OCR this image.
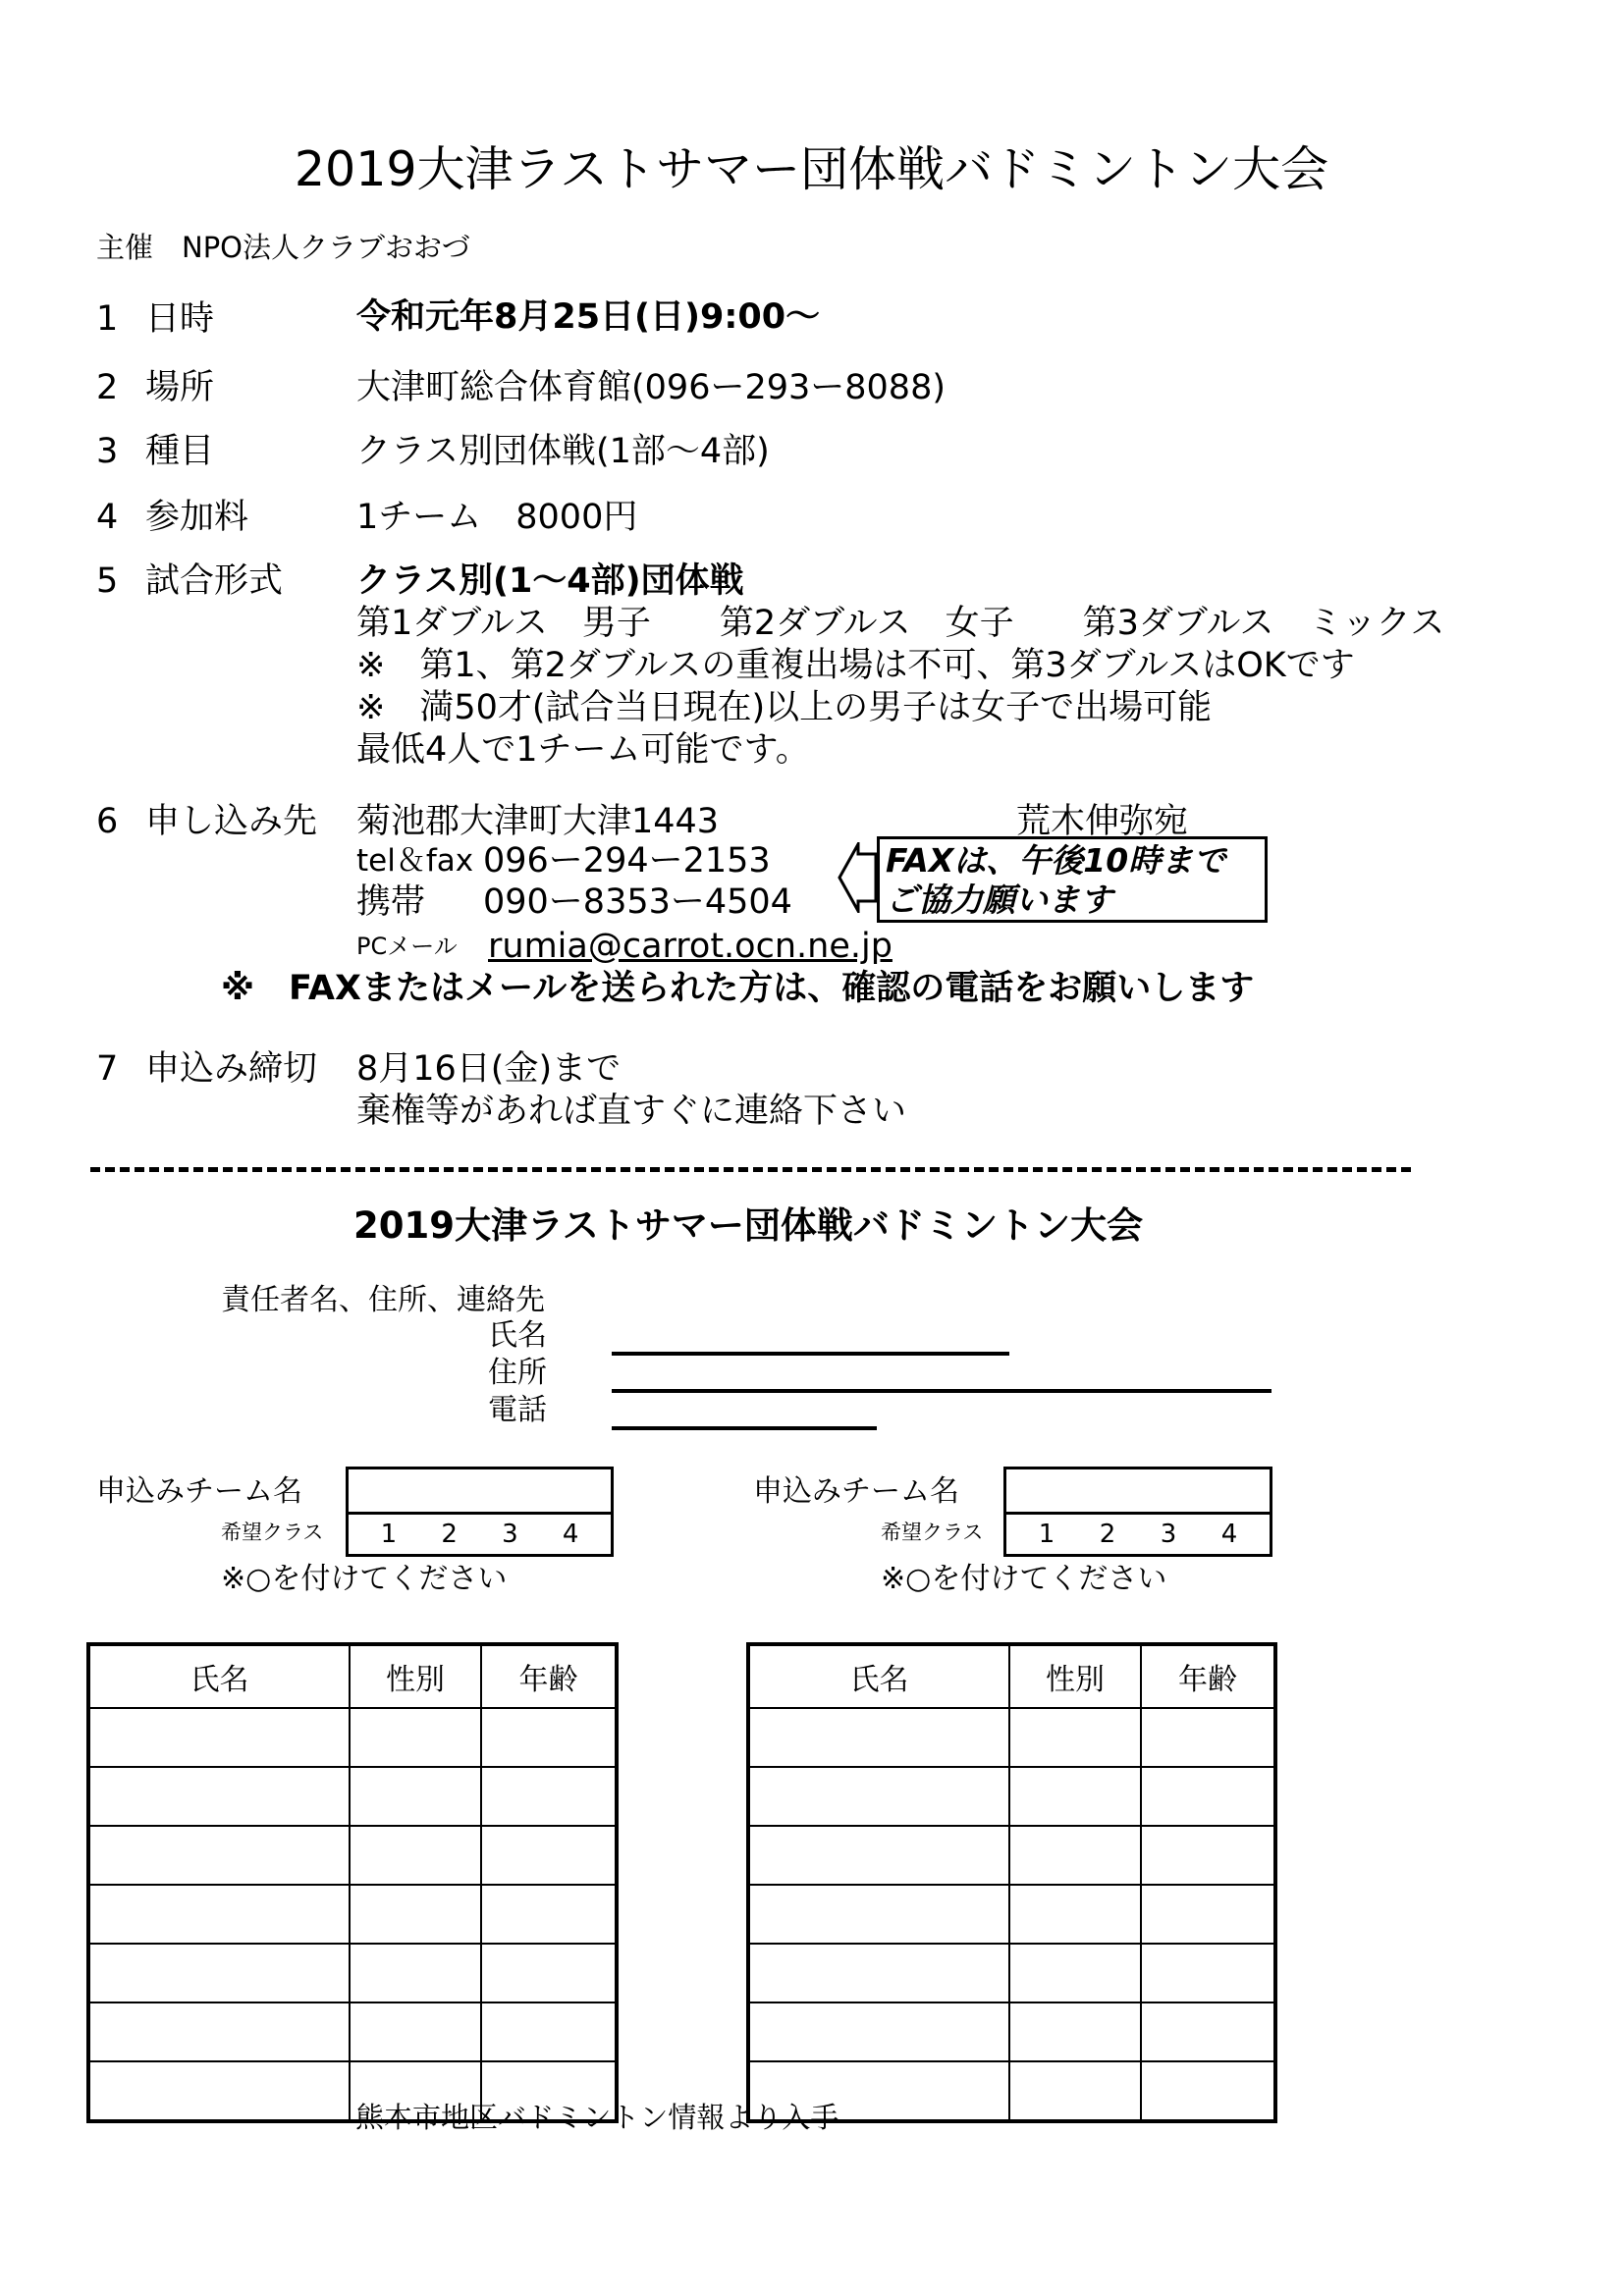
2019大津ラストサマー団体戦バドミントン大会
主催　NPO法人クラブおおづ
1 日時	令和元年8月25日(日)9:00〜
2 場所	大津町総合体育館(096ー293ー8088)
3 種目	クラス別団体戦(1部〜4部)
4 参加料	1チーム　8000円
5 試合形式 クラス別(1〜4部)団体戦
第1ダブルス　男子　　第2ダブルス　女子　　第3ダブルス　ミックス
※　第1、第2ダブルスの重複出場は不可、第3ダブルスはOKです
※　満50才(試合当日現在)以上の男子は女子で出場可能
最低4人で1チーム可能です。
6 申し込み先 菊池郡大津町大津1443	荒木伸弥宛
tel＆fax 096ー294ー2153
携帯 090ー8353ー4504
FAXは、午後10時まで
ご協力願います
PCメール rumia@carrot.ocn.ne.jp
※　FAXまたはメールを送られた方は、確認の電話をお願いします
7 申込み締切 8月16日(金)まで
棄権等があれば直すぐに連絡下さい
2019大津ラストサマー団体戦バドミントン大会
責任者名、住所、連絡先
氏名
住所
電話
申込みチーム名
希望クラス 1 2 3 4
※○を付けてください
申込みチーム名
希望クラス 1 2 3 4
※○を付けてください
氏名	性別	年齢

			氏名	性別	年齢

熊本市地区バドミントン情報より入手
